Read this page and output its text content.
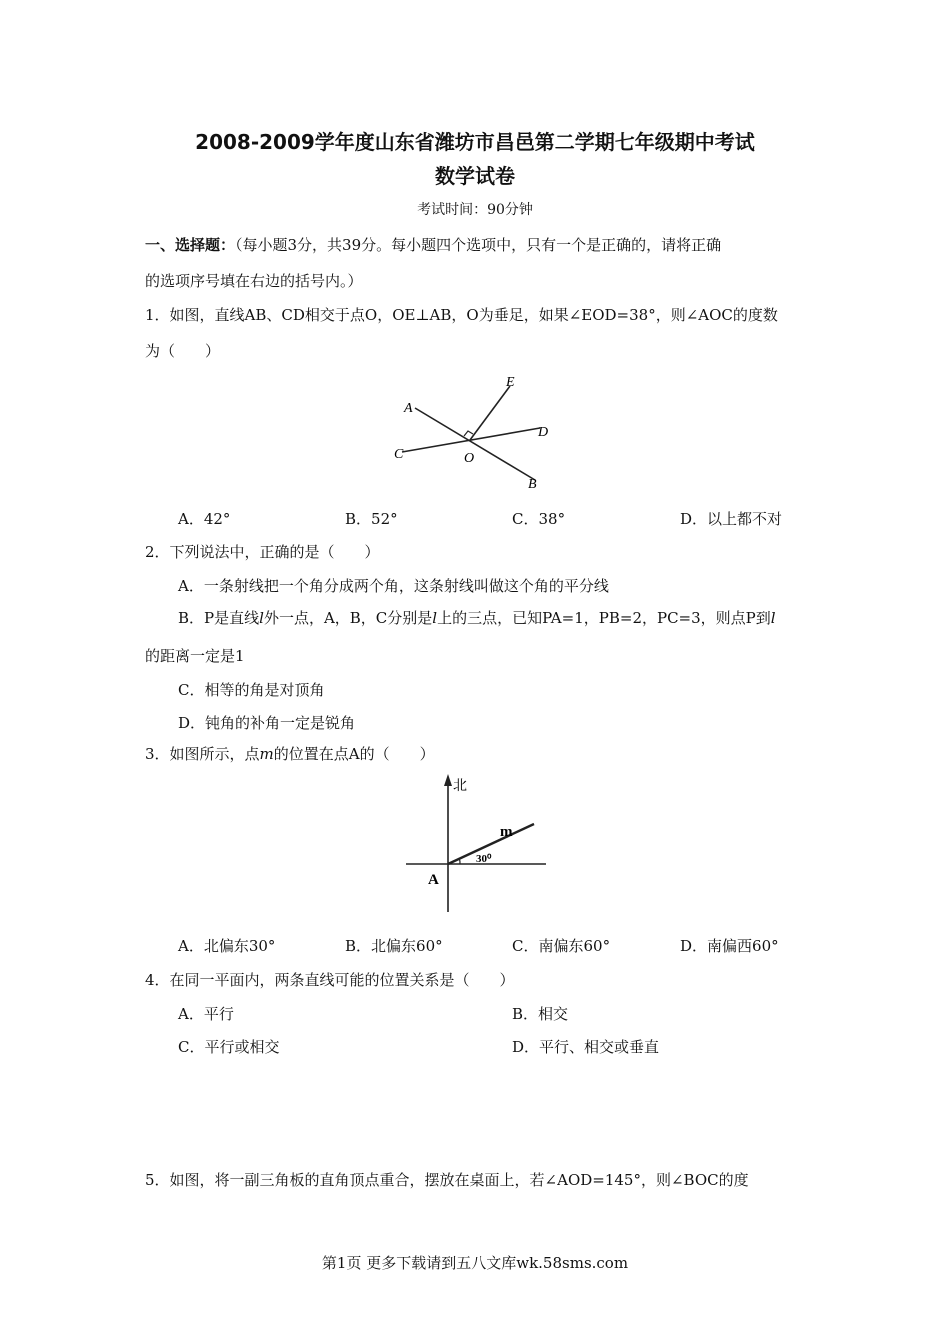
2008-2009学年度山东省潍坊市昌邑第二学期七年级期中考试
数学试卷
考试时间：90分钟
一、选择题：（每小题3分，共39分。每小题四个选项中，只有一个是正确的，请将正确
的选项序号填在右边的括号内。）
1．如图，直线AB、CD相交于点O，OE⊥AB，O为垂足，如果∠EOD=38°，则∠AOC的度数
为（　　）
E
A
D
C	O
B
A．42°	B．52°	C．38°	D．以上都不对
2．下列说法中，正确的是（　　）
A．一条射线把一个角分成两个角，这条射线叫做这个角的平分线
B．P是直线l外一点，A，B，C分别是l上的三点，已知PA=1，PB=2，PC=3，则点P到l
的距离一定是1
C．相等的角是对顶角
D．钝角的补角一定是锐角
3．如图所示，点m的位置在点A的（　　）
北
m
30⁰
A
A．北偏东30°	B．北偏东60°	C．南偏东60°	D．南偏西60°
4．在同一平面内，两条直线可能的位置关系是（　　）
A．平行	B．相交
C．平行或相交	D．平行、相交或垂直
5．如图，将一副三角板的直角顶点重合，摆放在桌面上，若∠AOD=145°，则∠BOC的度
第1页 更多下载请到五八文库wk.58sms.com
